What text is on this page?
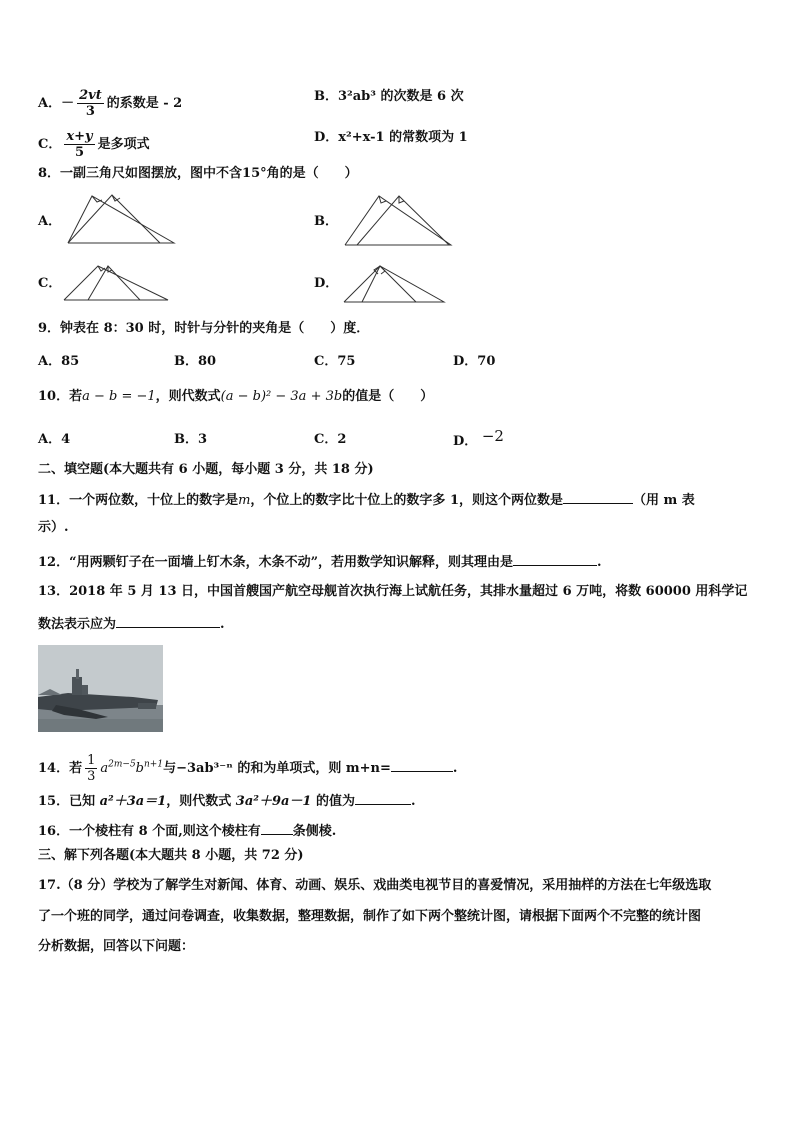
A．－ $\frac{2vt}{3}$ 的系数是 - 2	B．3²ab³ 的次数是 6 次
C． $\frac{x+y}{5}$ 是多项式	D．x²+x-1 的常数项为 1
8．一副三角尺如图摆放，图中不含15°角的是（　　）
A．	B．
C．	D．
9．钟表在 8：30 时，时针与分针的夹角是（　　）度．
A．85	B．80	C．75	D．70
10．若a − b = −1，则代数式(a − b)² − 3a + 3b的值是（　　）
A．4	B．3	C．2	D． −2
二、填空题(本大题共有 6 小题，每小题 3 分，共 18 分)
11．一个两位数，十位上的数字是m，个位上的数字比十位上的数字多 1，则这个两位数是	（用 m 表
示）.
12．“用两颗钉子在一面墙上钉木条，木条不动”，若用数学知识解释，则其理由是	.
13．2018 年 5 月 13 日，中国首艘国产航空母舰首次执行海上试航任务，其排水量超过 6 万吨，将数 60000 用科学记
数法表示应为	.
14．若 $\frac{1}{3} a^{2m-5}b^{n+1}$与−3ab³⁻ⁿ 的和为单项式，则 m+n=	.
15．已知 a²＋3a＝1，则代数式 3a²＋9a－1 的值为	.
16．一个棱柱有 8 个面,则这个棱柱有 条侧棱.
三、解下列各题(本大题共 8 小题，共 72 分)
17.（8 分）学校为了解学生对新闻、体育、动画、娱乐、戏曲类电视节目的喜爱情况，采用抽样的方法在七年级选取
了一个班的同学，通过问卷调查，收集数据，整理数据，制作了如下两个整统计图，请根据下面两个不完整的统计图
分析数据，回答以下问题：
